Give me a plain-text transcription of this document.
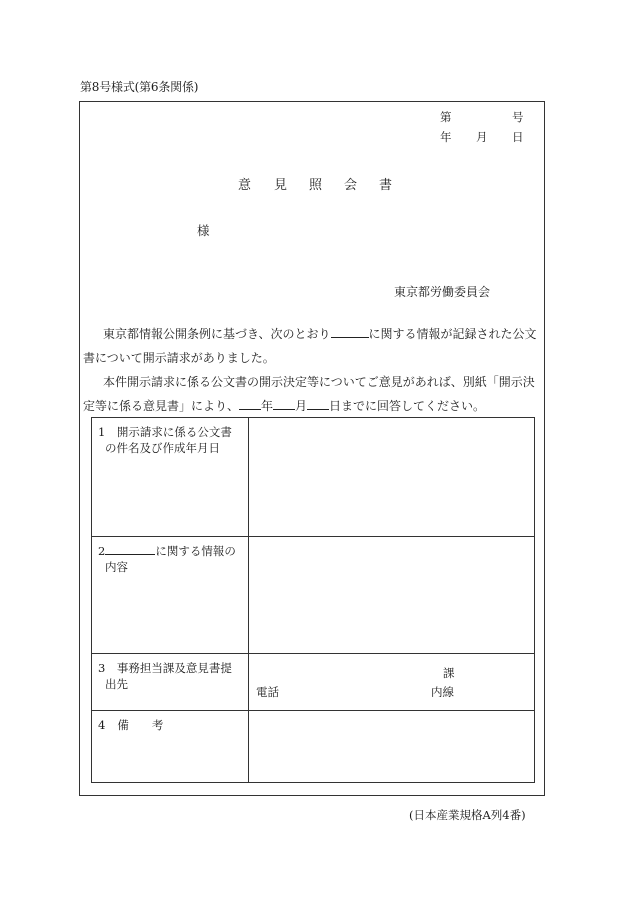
第8号様式(第6条関係)
第	号
年 月 日
意 見 照 会 書
様
東京都労働委員会
東京都情報公開条例に基づき、次のとおり	に関する情報が記録された公文
書について開示請求がありました。
本件開示請求に係る公文書の開示決定等についてご意見があれば、別紙「開示決
定等に係る意見書」により、 年 月 日までに回答してください。
1　開示請求に係る公文書
の件名及び作成年月日
2	に関する情報の
内容
3　事務担当課及意見書提
出先
課
電話	内線
4 備　　考
(日本産業規格A列4番)
